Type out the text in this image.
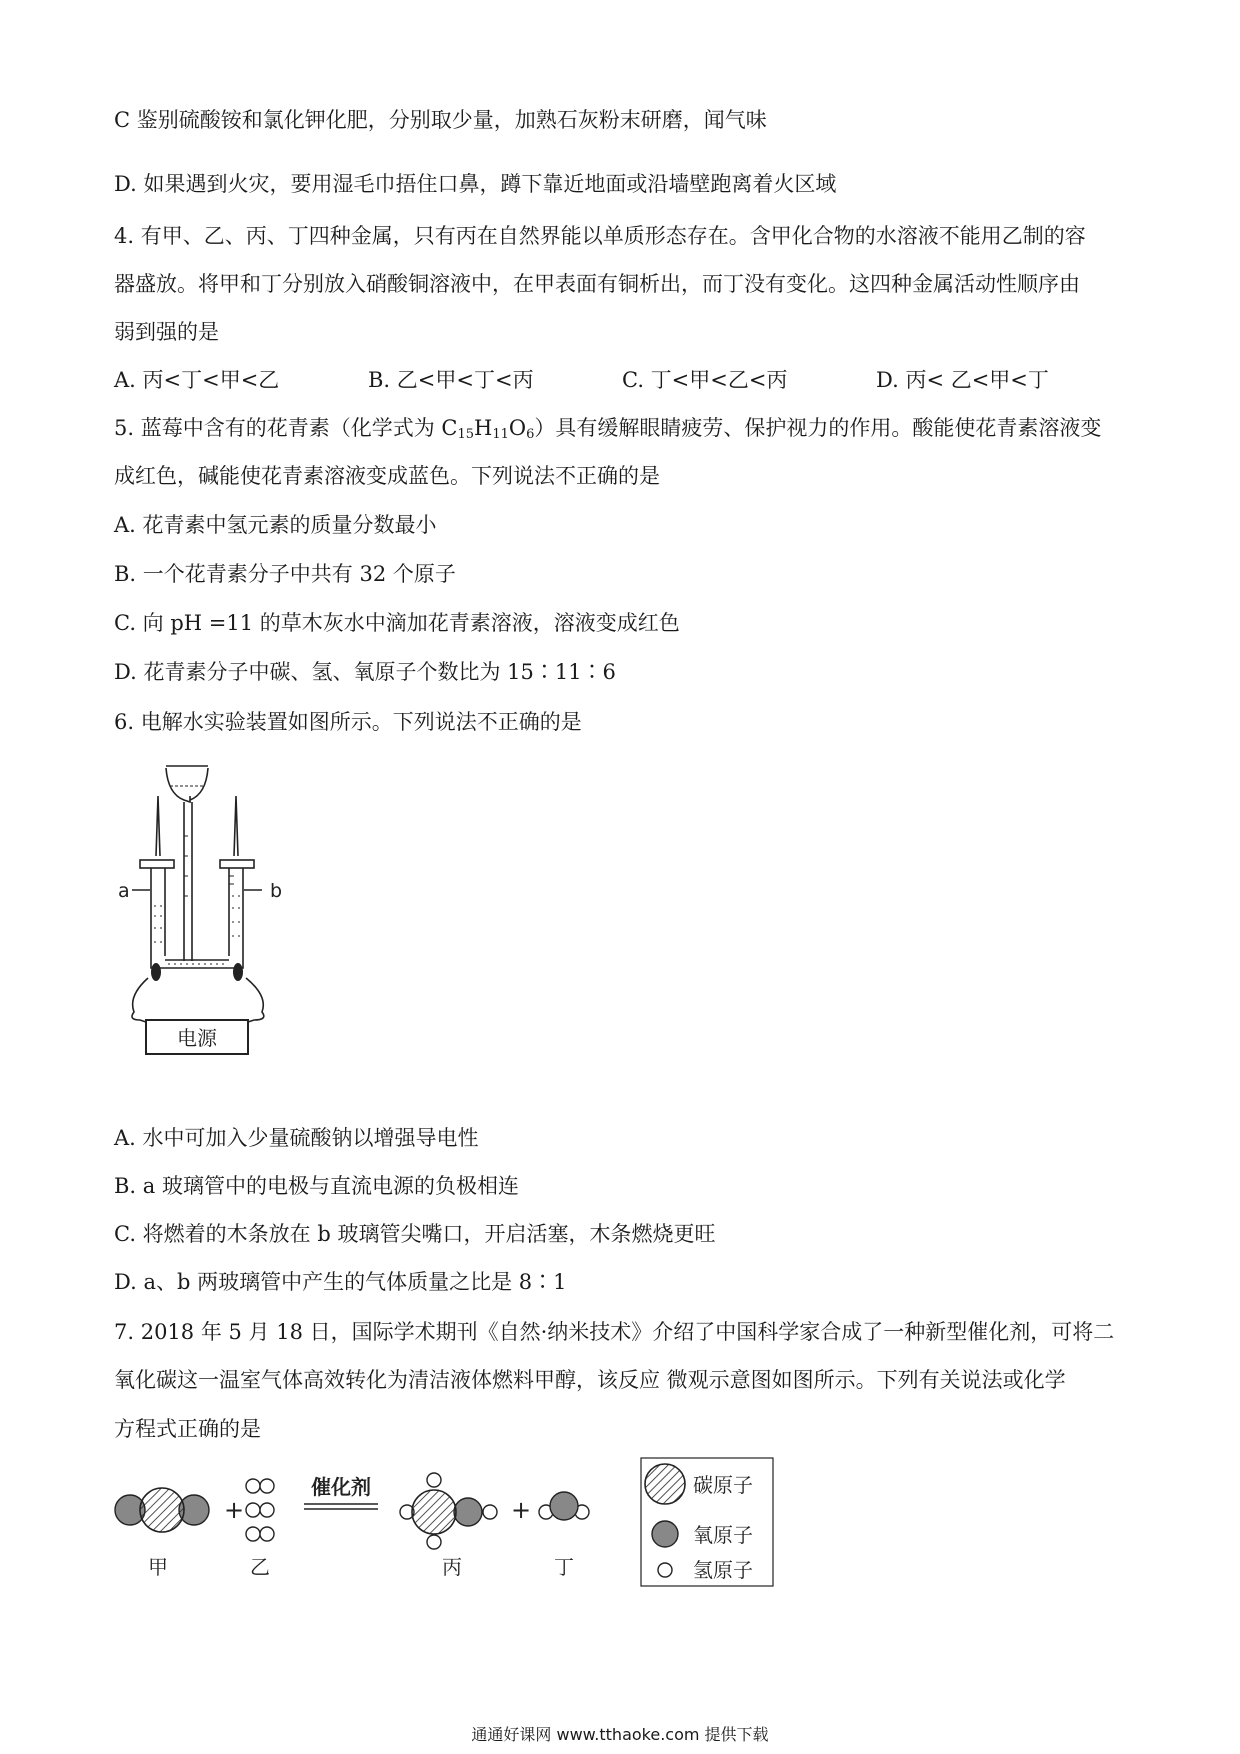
C 鉴别硫酸铵和氯化钾化肥，分别取少量，加熟石灰粉末研磨，闻气味
D. 如果遇到火灾，要用湿毛巾捂住口鼻，蹲下靠近地面或沿墙壁跑离着火区域
4. 有甲、乙、丙、丁四种金属，只有丙在自然界能以单质形态存在。含甲化合物的水溶液不能用乙制的容
器盛放。将甲和丁分别放入硝酸铜溶液中，在甲表面有铜析出，而丁没有变化。这四种金属活动性顺序由
弱到强的是
A. 丙<丁<甲<乙	B. 乙<甲<丁<丙	C. 丁<甲<乙<丙	D. 丙< 乙<甲<丁
5. 蓝莓中含有的花青素（化学式为 $C_{15}H_{11}O_6$）具有缓解眼睛疲劳、保护视力的作用。酸能使花青素溶液变
成红色，碱能使花青素溶液变成蓝色。下列说法不正确的是
A. 花青素中氢元素的质量分数最小
B. 一个花青素分子中共有 32 个原子
C. 向 pH =11 的草木灰水中滴加花青素溶液，溶液变成红色
D. 花青素分子中碳、氢、氧原子个数比为 15∶11∶6
6. 电解水实验装置如图所示。下列说法不正确的是
a	b
电源
A. 水中可加入少量硫酸钠以增强导电性
B. a 玻璃管中的电极与直流电源的负极相连
C. 将燃着的木条放在 b 玻璃管尖嘴口，开启活塞，木条燃烧更旺
D. a、b 两玻璃管中产生的气体质量之比是 8∶1
7. 2018 年 5 月 18 日，国际学术期刊《自然·纳米技术》介绍了中国科学家合成了一种新型催化剂，可将二
氧化碳这一温室气体高效转化为清洁液体燃料甲醇，该反应 微观示意图如图所示。下列有关说法或化学
方程式正确的是
+
催化剂
+
甲	乙	丙	丁
碳原子
氧原子
氢原子
通通好课网 www.tthaoke.com 提供下载
